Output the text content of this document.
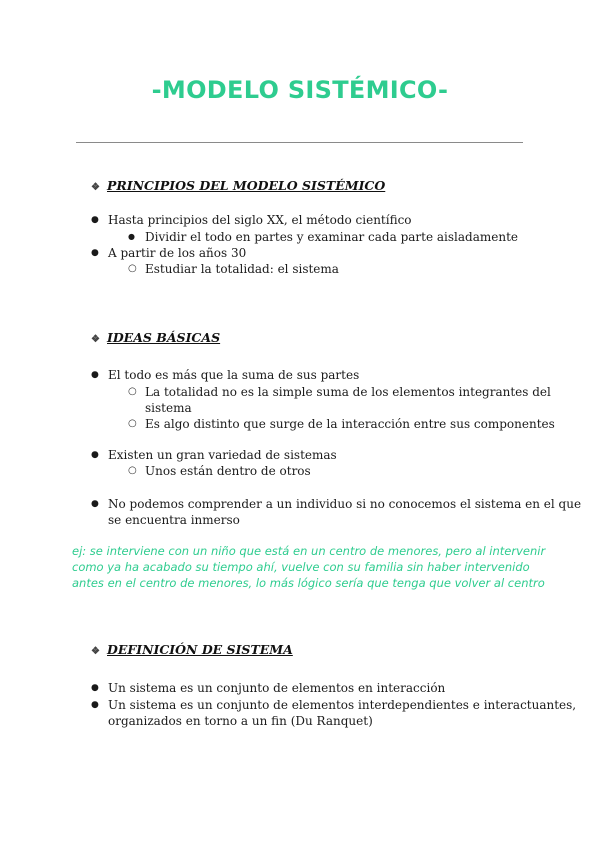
-MODELO SISTÉMICO-
❖ PRINCIPIOS DEL MODELO SISTÉMICO
● Hasta principios del siglo XX, el método científico
● Dividir el todo en partes y examinar cada parte aisladamente
● A partir de los años 30
○ Estudiar la totalidad: el sistema
❖ IDEAS BÁSICAS
● El todo es más que la suma de sus partes
○ La totalidad no es la simple suma de los elementos integrantes del
sistema
○ Es algo distinto que surge de la interacción entre sus componentes
● Existen un gran variedad de sistemas
○ Unos están dentro de otros
● No podemos comprender a un individuo si no conocemos el sistema en el que
se encuentra inmerso
ej: se interviene con un niño que está en un centro de menores, pero al intervenir
como ya ha acabado su tiempo ahí, vuelve con su familia sin haber intervenido
antes en el centro de menores, lo más lógico sería que tenga que volver al centro
❖ DEFINICIÓN DE SISTEMA
● Un sistema es un conjunto de elementos en interacción
● Un sistema es un conjunto de elementos interdependientes e interactuantes,
organizados en torno a un fin (Du Ranquet)
